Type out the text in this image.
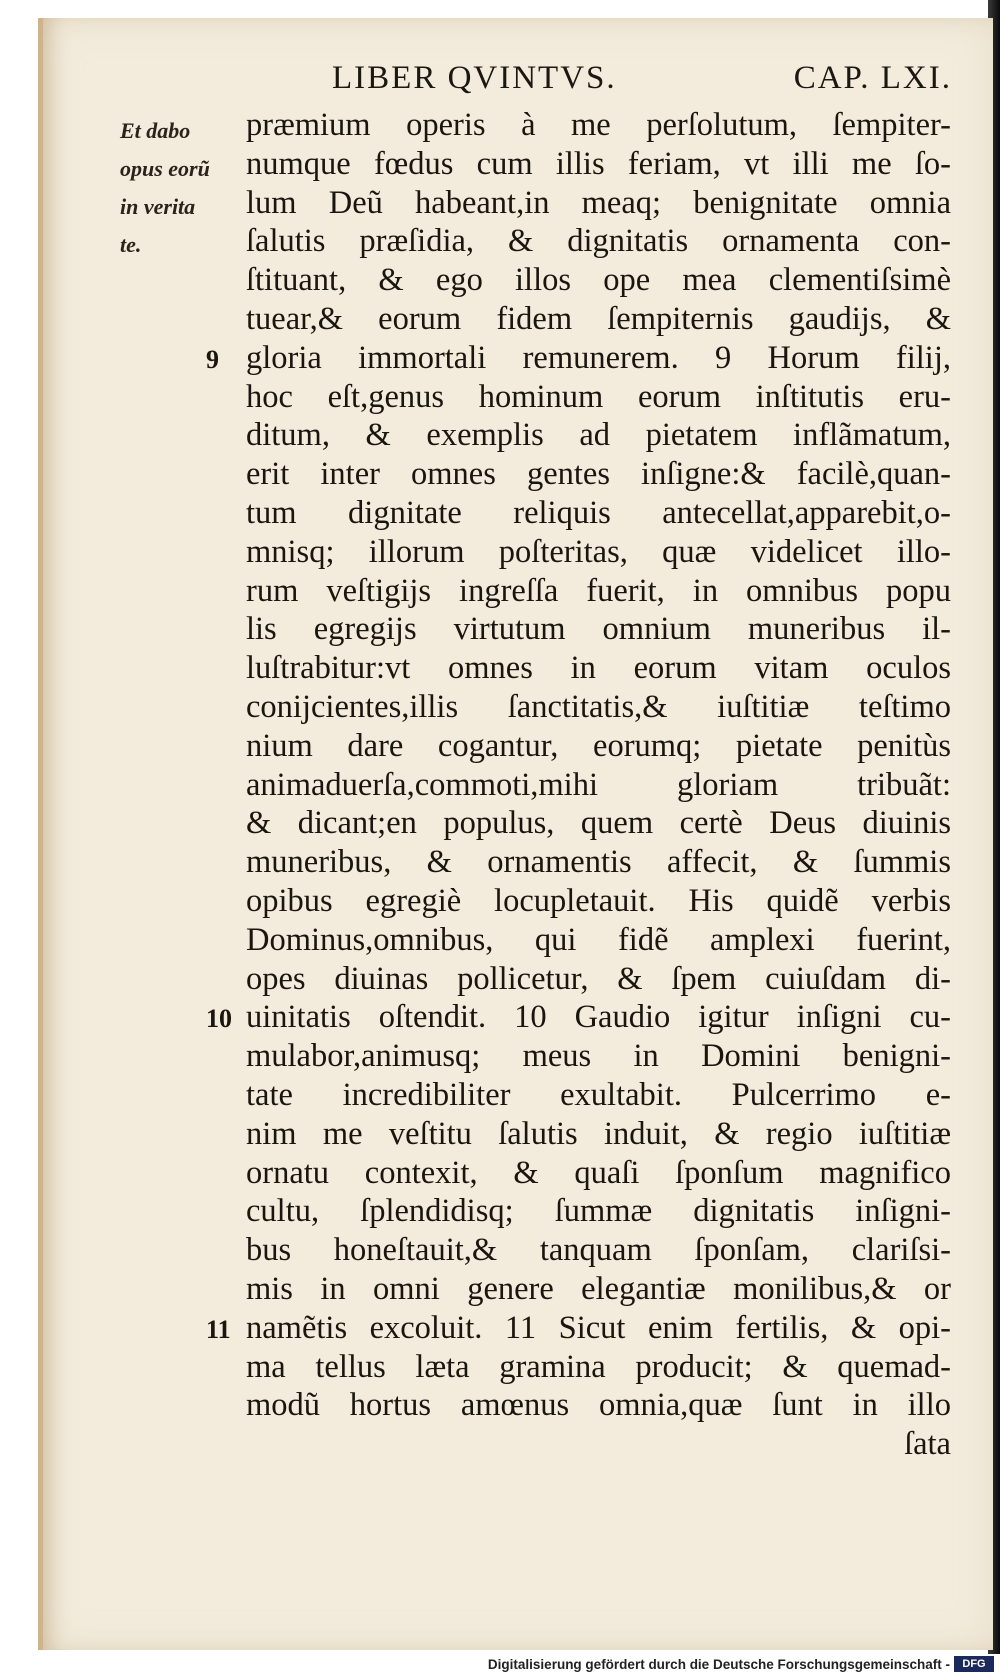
LIBER QVINTVS.	CAP. LXI.
Et dabo
opus eorũ
in verita
te.
9
10
11
præmium operis à me perſolutum, ſempiter-
numque fœdus cum illis feriam, vt illi me ſo-
lum Deũ habeant,in meaq; benignitate omnia
ſalutis præſidia, & dignitatis ornamenta con-
ſtituant, & ego illos ope mea clementiſsimè
tuear,& eorum fidem ſempiternis gaudijs, &
gloria immortali remunerem. 9 Horum filij,
hoc eſt,genus hominum eorum inſtitutis eru-
ditum, & exemplis ad pietatem inflãmatum,
erit inter omnes gentes inſigne:& facilè,quan-
tum dignitate reliquis antecellat,apparebit,o-
mnisq; illorum poſteritas, quæ videlicet illo-
rum veſtigijs ingreſſa fuerit, in omnibus popu
lis egregijs virtutum omnium muneribus il-
luſtrabitur:vt omnes in eorum vitam oculos
conijcientes,illis ſanctitatis,& iuſtitiæ teſtimo
nium dare cogantur, eorumq; pietate penitùs
animaduerſa,commoti,mihi gloriam tribuãt:
& dicant;en populus, quem certè Deus diuinis
muneribus, & ornamentis affecit, & ſummis
opibus egregiè locupletauit. His quidẽ verbis
Dominus,omnibus, qui fidẽ amplexi fuerint,
opes diuinas pollicetur, & ſpem cuiuſdam di-
uinitatis oſtendit. 10 Gaudio igitur inſigni cu-
mulabor,animusq; meus in Domini benigni-
tate incredibiliter exultabit. Pulcerrimo e-
nim me veſtitu ſalutis induit, & regio iuſtitiæ
ornatu contexit, & quaſi ſponſum magnifico
cultu, ſplendidisq; ſummæ dignitatis inſigni-
bus honeſtauit,& tanquam ſponſam, clariſsi-
mis in omni genere elegantiæ monilibus,& or
namẽtis excoluit. 11 Sicut enim fertilis, & opi-
ma tellus læta gramina producit; & quemad-
modũ hortus amœnus omnia,quæ ſunt in illo
ſata
Digitalisierung gefördert durch die Deutsche Forschungsgemeinschaft -	DFG
